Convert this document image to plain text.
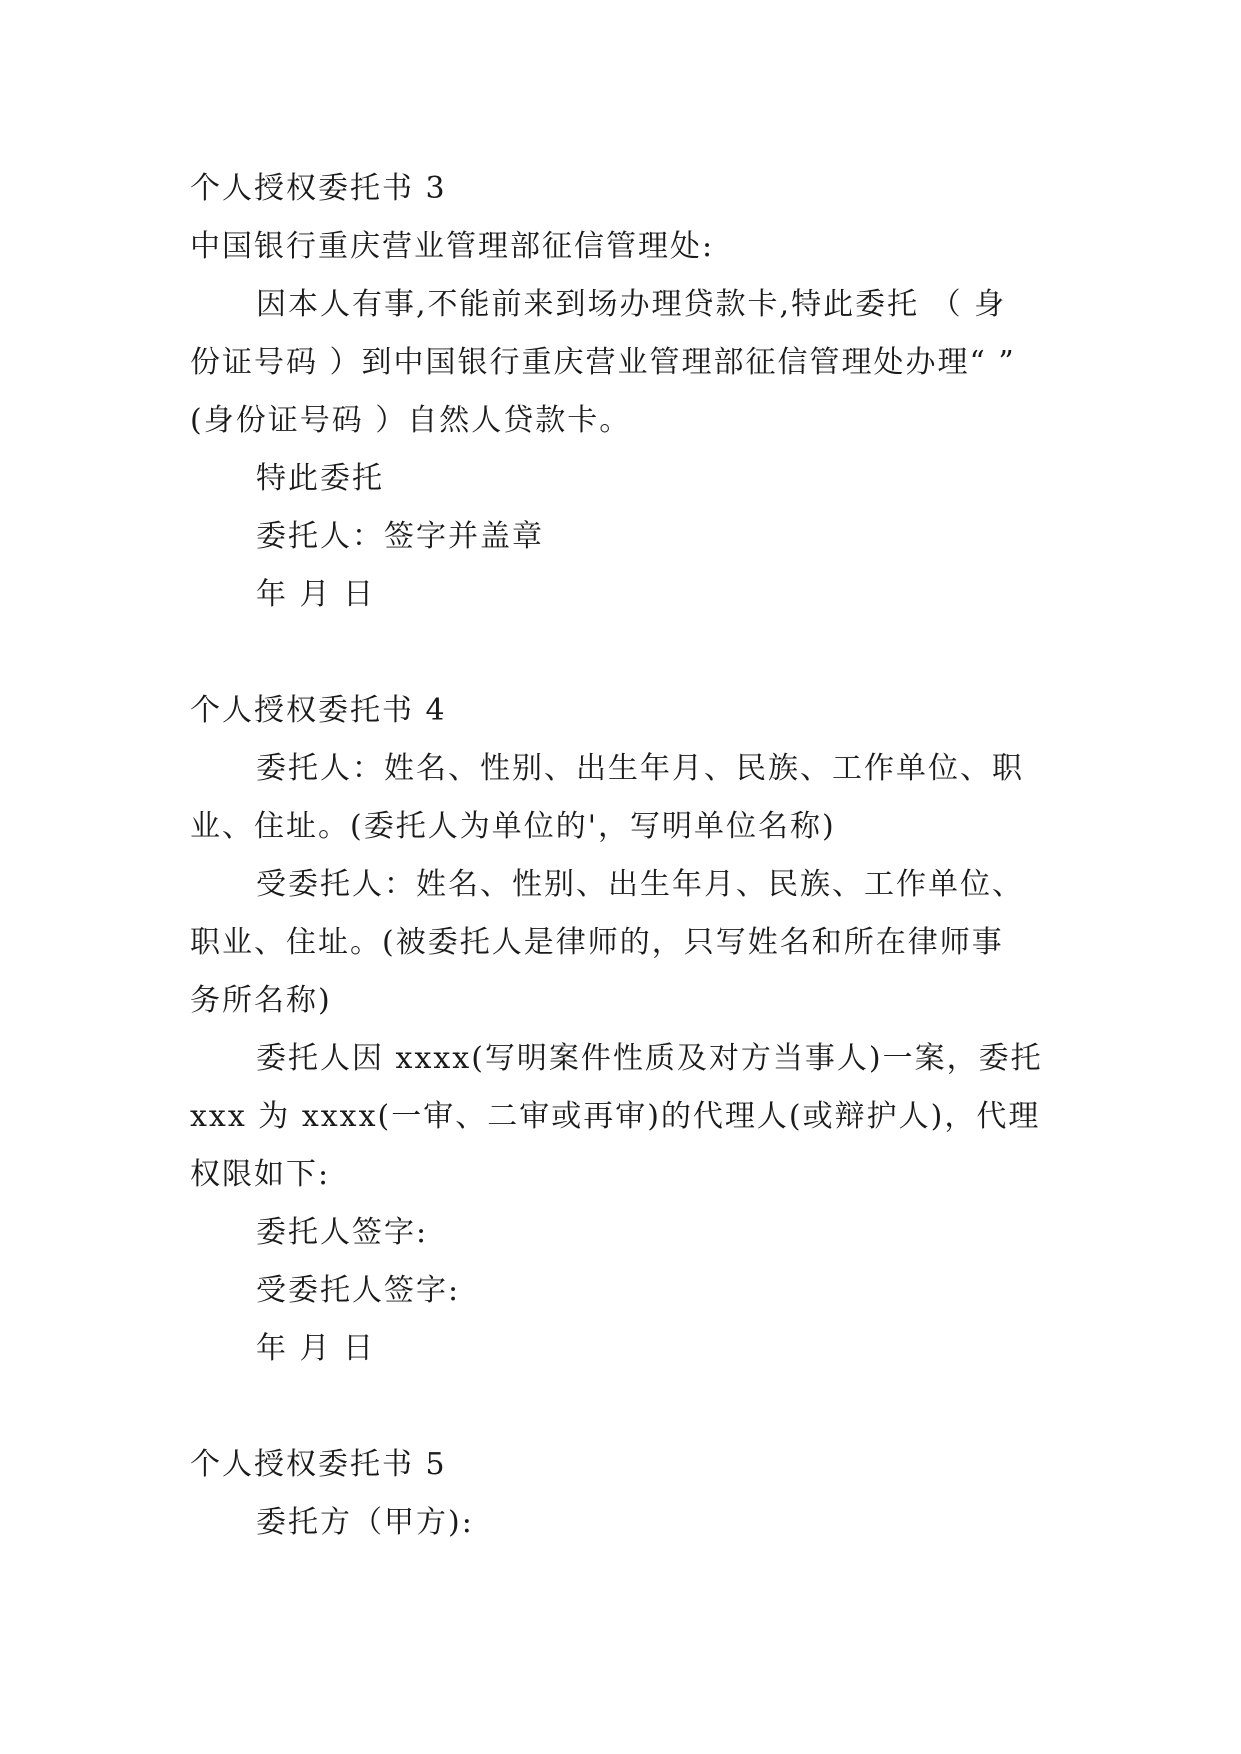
个人授权委托书 3
中国银行重庆营业管理部征信管理处:
因本人有事,不能前来到场办理贷款卡,特此委托 （ 身
份证号码 ）到中国银行重庆营业管理部征信管理处办理“ ”
(身份证号码 ）自然人贷款卡。
特此委托
委托人：签字并盖章
年 月 日
个人授权委托书 4
委托人：姓名、性别、出生年月、民族、工作单位、职
业、住址。(委托人为单位的'，写明单位名称)
受委托人：姓名、性别、出生年月、民族、工作单位、
职业、住址。(被委托人是律师的，只写姓名和所在律师事
务所名称)
委托人因 xxxx(写明案件性质及对方当事人)一案，委托
xxx 为 xxxx(一审、二审或再审)的代理人(或辩护人)，代理
权限如下:
委托人签字:
受委托人签字:
年 月 日
个人授权委托书 5
委托方（甲方):
